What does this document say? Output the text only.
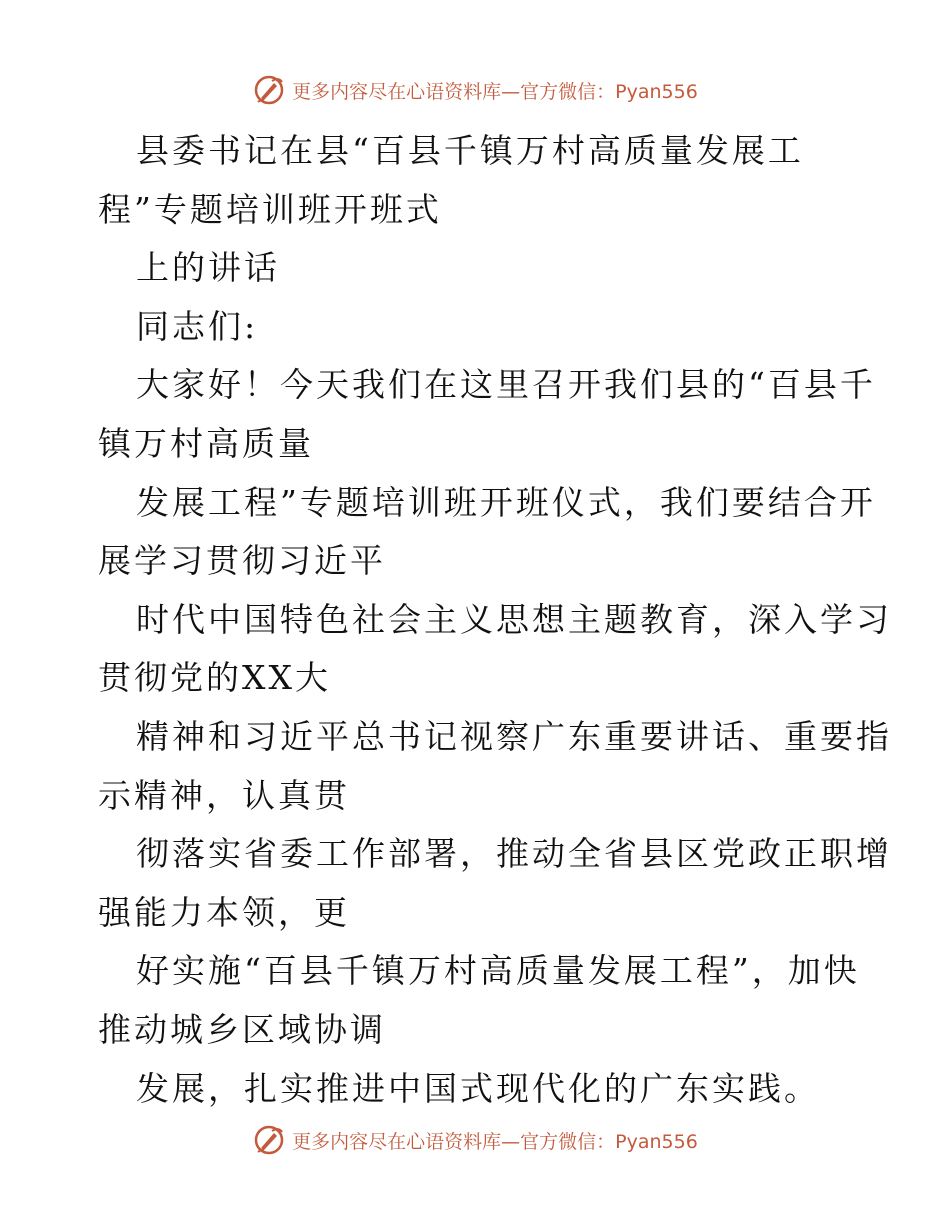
更多内容尽在心语资料库—官方微信：Pyan556
县委书记在县“百县千镇万村高质量发展工
程”专题培训班开班式
上的讲话
同志们:
大家好！今天我们在这里召开我们县的“百县千
镇万村高质量
发展工程”专题培训班开班仪式，我们要结合开
展学习贯彻习近平
时代中国特色社会主义思想主题教育，深入学习
贯彻党的XX大
精神和习近平总书记视察广东重要讲话、重要指
示精神，认真贯
彻落实省委工作部署，推动全省县区党政正职增
强能力本领，更
好实施“百县千镇万村高质量发展工程”，加快
推动城乡区域协调
发展，扎实推进中国式现代化的广东实践。
更多内容尽在心语资料库—官方微信：Pyan556
